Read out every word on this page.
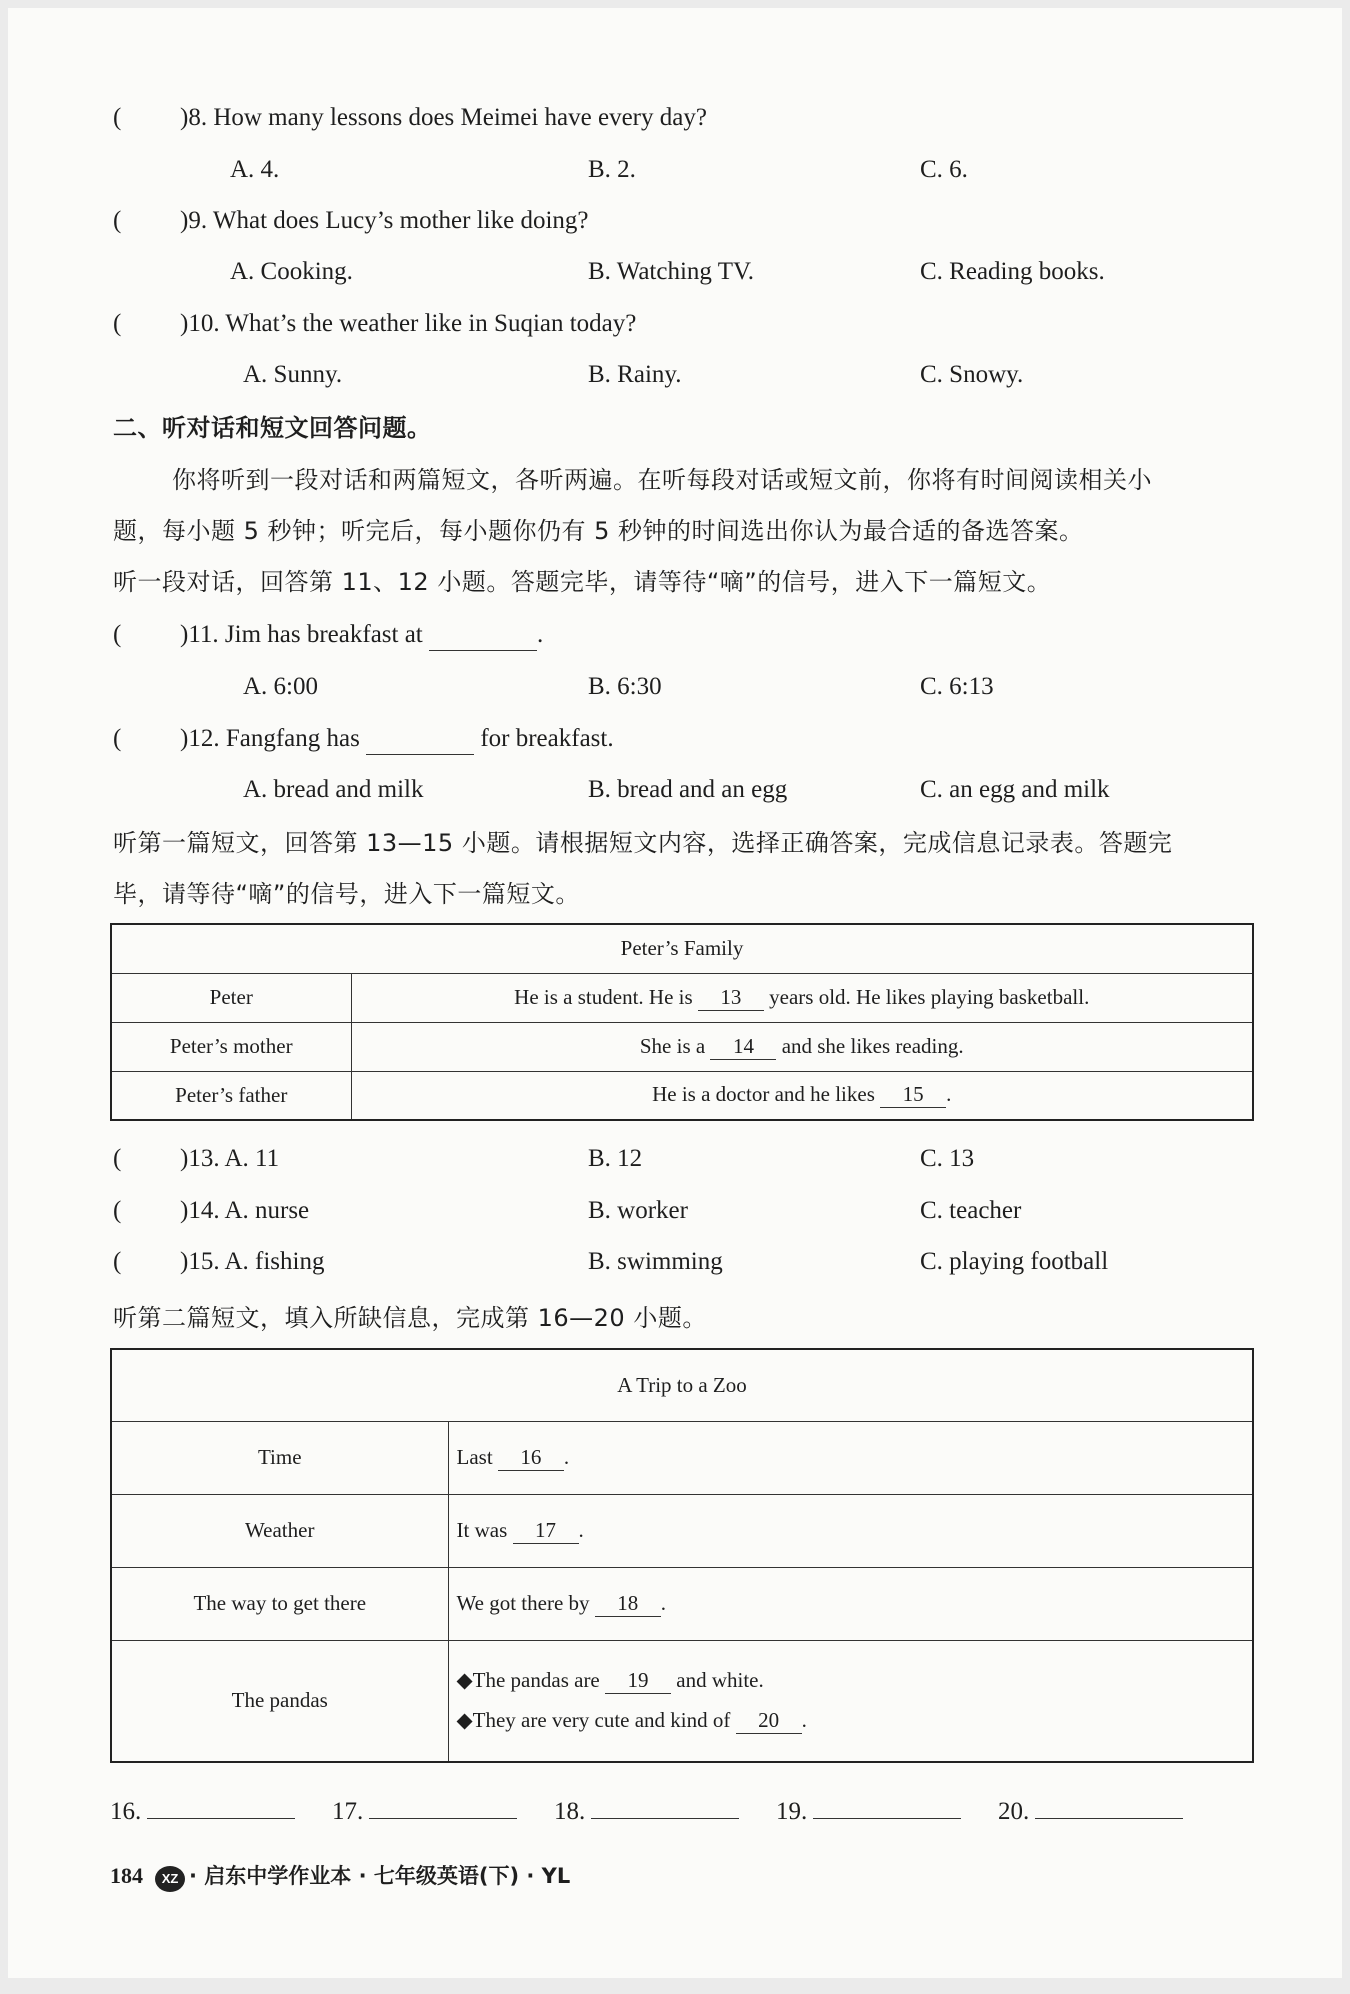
( )8. How many lessons does Meimei have every day?
A. 4.	B. 2.	C. 6.
( )9. What does Lucy’s mother like doing?
A. Cooking.	B. Watching TV.	C. Reading books.
( )10. What’s the weather like in Suqian today?
A. Sunny.	B. Rainy.	C. Snowy.
二、听对话和短文回答问题。
你将听到一段对话和两篇短文，各听两遍。在听每段对话或短文前，你将有时间阅读相关小
题，每小题 5 秒钟；听完后，每小题你仍有 5 秒钟的时间选出你认为最合适的备选答案。
听一段对话，回答第 11、12 小题。答题完毕，请等待“嘀”的信号，进入下一篇短文。
( )11. Jim has breakfast at	.
A. 6:00	B. 6:30	C. 6:13
( )12. Fangfang has	for breakfast.
A. bread and milk	B. bread and an egg	C. an egg and milk
听第一篇短文，回答第 13—15 小题。请根据短文内容，选择正确答案，完成信息记录表。答题完
毕，请等待“嘀”的信号，进入下一篇短文。
Peter’s Family	
Peter	He is a student. He is 13 years old. He likes playing basketball.
Peter’s mother	She is a 14 and she likes reading.
Peter’s father	He is a doctor and he likes 15 .
( )13. A. 11	B. 12	C. 13
( )14. A. nurse	B. worker	C. teacher
( )15. A. fishing	B. swimming	C. playing football
听第二篇短文，填入所缺信息，完成第 16—20 小题。
A Trip to a Zoo	
Time	Last 16 .
Weather	It was 17 .
The way to get there	We got there by 18 .
The pandas	◆The pandas are 19 and white.
◆They are very cute and kind of 20 .
16.	17.	18.	19.	20.
184 XZ · 启东中学作业本 · 七年级英语(下) · YL
